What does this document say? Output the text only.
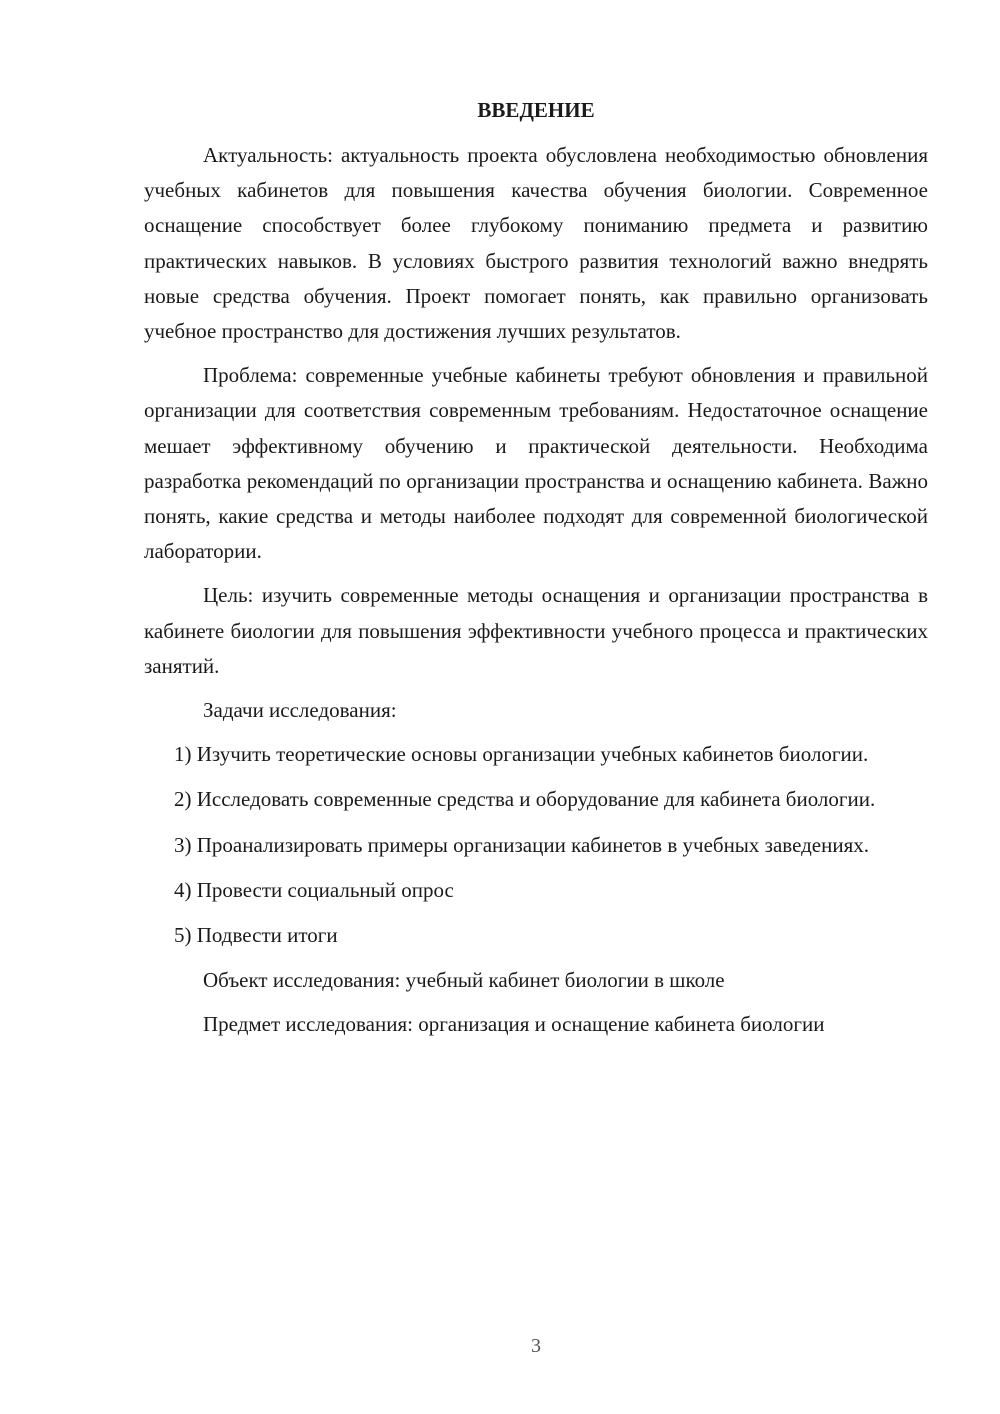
ВВЕДЕНИЕ

Актуальность: актуальность проекта обусловлена необходимостью обновления учебных кабинетов для повышения качества обучения биологии. Современное оснащение способствует более глубокому пониманию предмета и развитию практических навыков. В условиях быстрого развития технологий важно внедрять новые средства обучения. Проект помогает понять, как правильно организовать учебное пространство для достижения лучших результатов.

Проблема: современные учебные кабинеты требуют обновления и правильной организации для соответствия современным требованиям. Недостаточное оснащение мешает эффективному обучению и практической деятельности. Необходима разработка рекомендаций по организации пространства и оснащению кабинета. Важно понять, какие средства и методы наиболее подходят для современной биологической лаборатории.

Цель: изучить современные методы оснащения и организации пространства в кабинете биологии для повышения эффективности учебного процесса и практических занятий.

Задачи исследования:

1) Изучить теоретические основы организации учебных кабинетов биологии.

2) Исследовать современные средства и оборудование для кабинета биологии.

3) Проанализировать примеры организации кабинетов в учебных заведениях.

4) Провести социальный опрос

5) Подвести итоги

Объект исследования: учебный кабинет биологии в школе

Предмет исследования: организация и оснащение кабинета биологии

3
